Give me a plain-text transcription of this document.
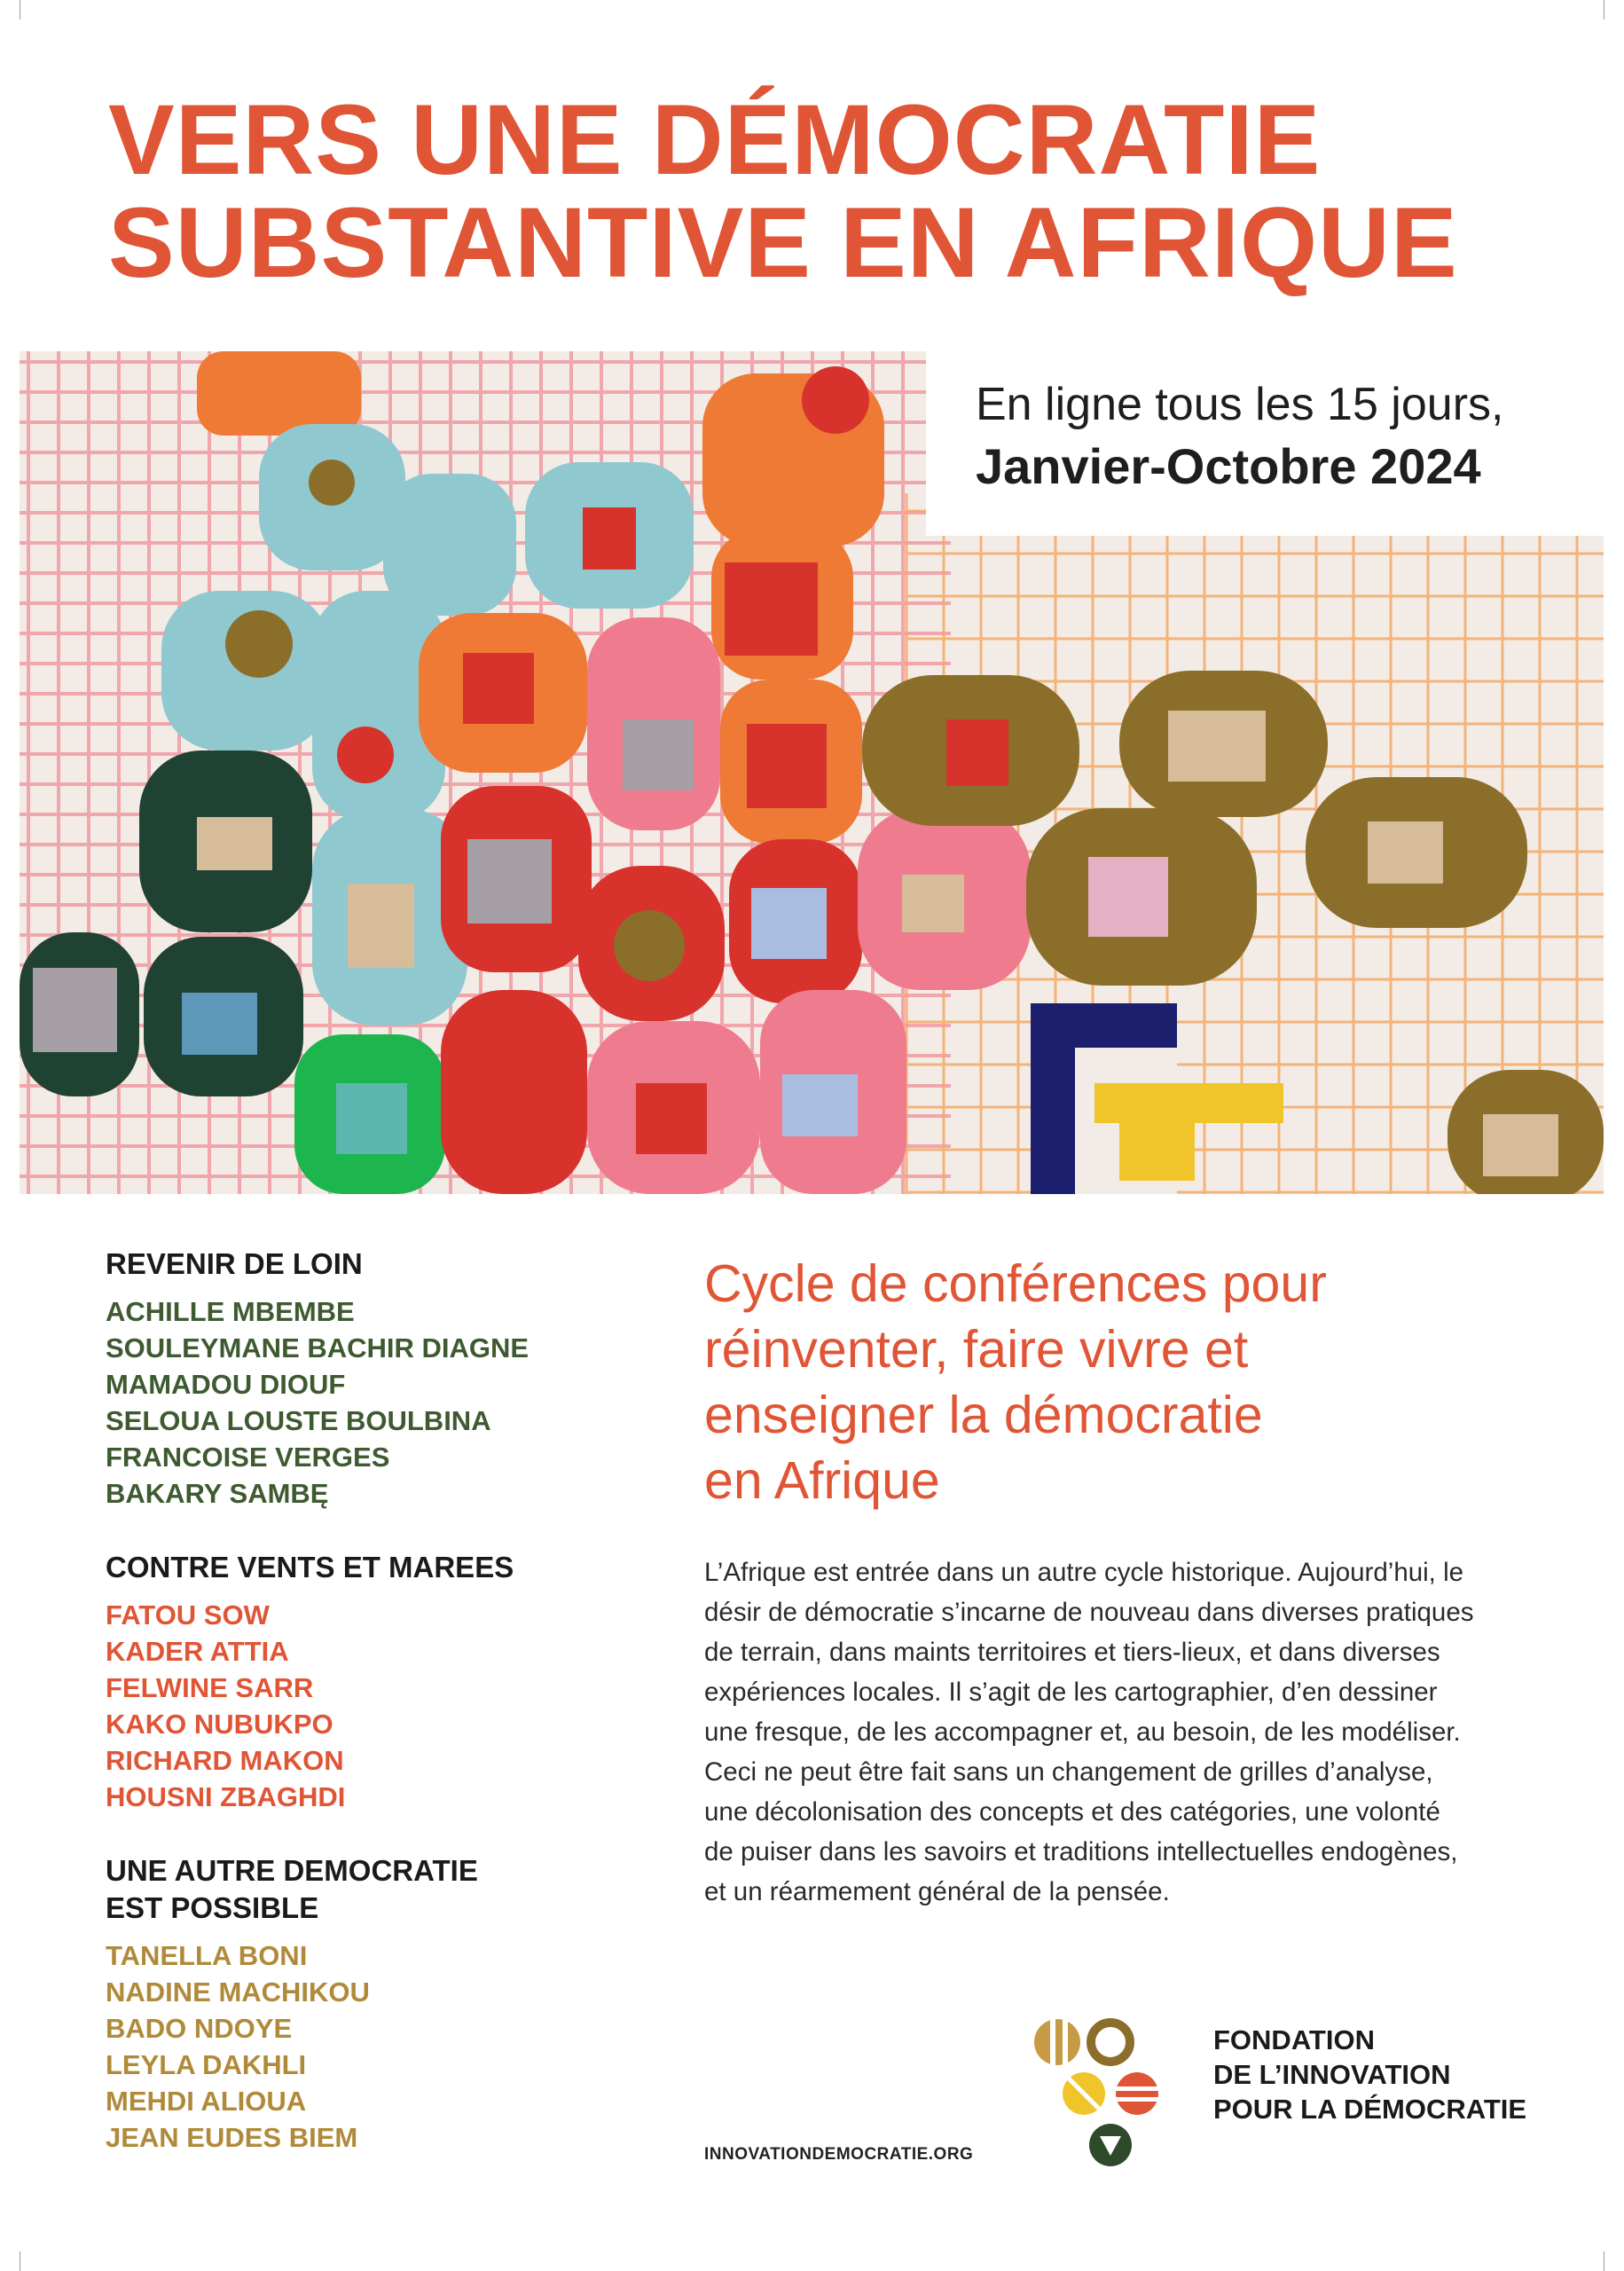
VERS UNE DÉMOCRATIE
SUBSTANTIVE EN AFRIQUE
En ligne tous les 15 jours,
Janvier-Octobre 2024
REVENIR DE LOIN
ACHILLE MBEMBE
SOULEYMANE BACHIR DIAGNE
MAMADOU DIOUF
SELOUA LOUSTE BOULBINA
FRANCOISE VERGES
BAKARY SAMBĘ
CONTRE VENTS ET MAREES
FATOU SOW
KADER ATTIA
FELWINE SARR
KAKO NUBUKPO
RICHARD MAKON
HOUSNI ZBAGHDI
UNE AUTRE DEMOCRATIE
EST POSSIBLE
TANELLA BONI
NADINE MACHIKOU
BADO NDOYE
LEYLA DAKHLI
MEHDI ALIOUA
JEAN EUDES BIEM
Cycle de conférences pour
réinventer, faire vivre et
enseigner la démocratie
en Afrique

L’Afrique est entrée dans un autre cycle historique. Aujourd’hui, le
désir de démocratie s’incarne de nouveau dans diverses pratiques
de terrain, dans maints territoires et tiers-lieux, et dans diverses
expériences locales. Il s’agit de les cartographier, d’en dessiner
une fresque, de les accompagner et, au besoin, de les modéliser.
Ceci ne peut être fait sans un changement de grilles d’analyse,
une décolonisation des concepts et des catégories, une volonté
de puiser dans les savoirs et traditions intellectuelles endogènes,
et un réarmement général de la pensée.

INNOVATIONDEMOCRATIE.ORG
FONDATION
DE L’INNOVATION
POUR LA DÉMOCRATIE
